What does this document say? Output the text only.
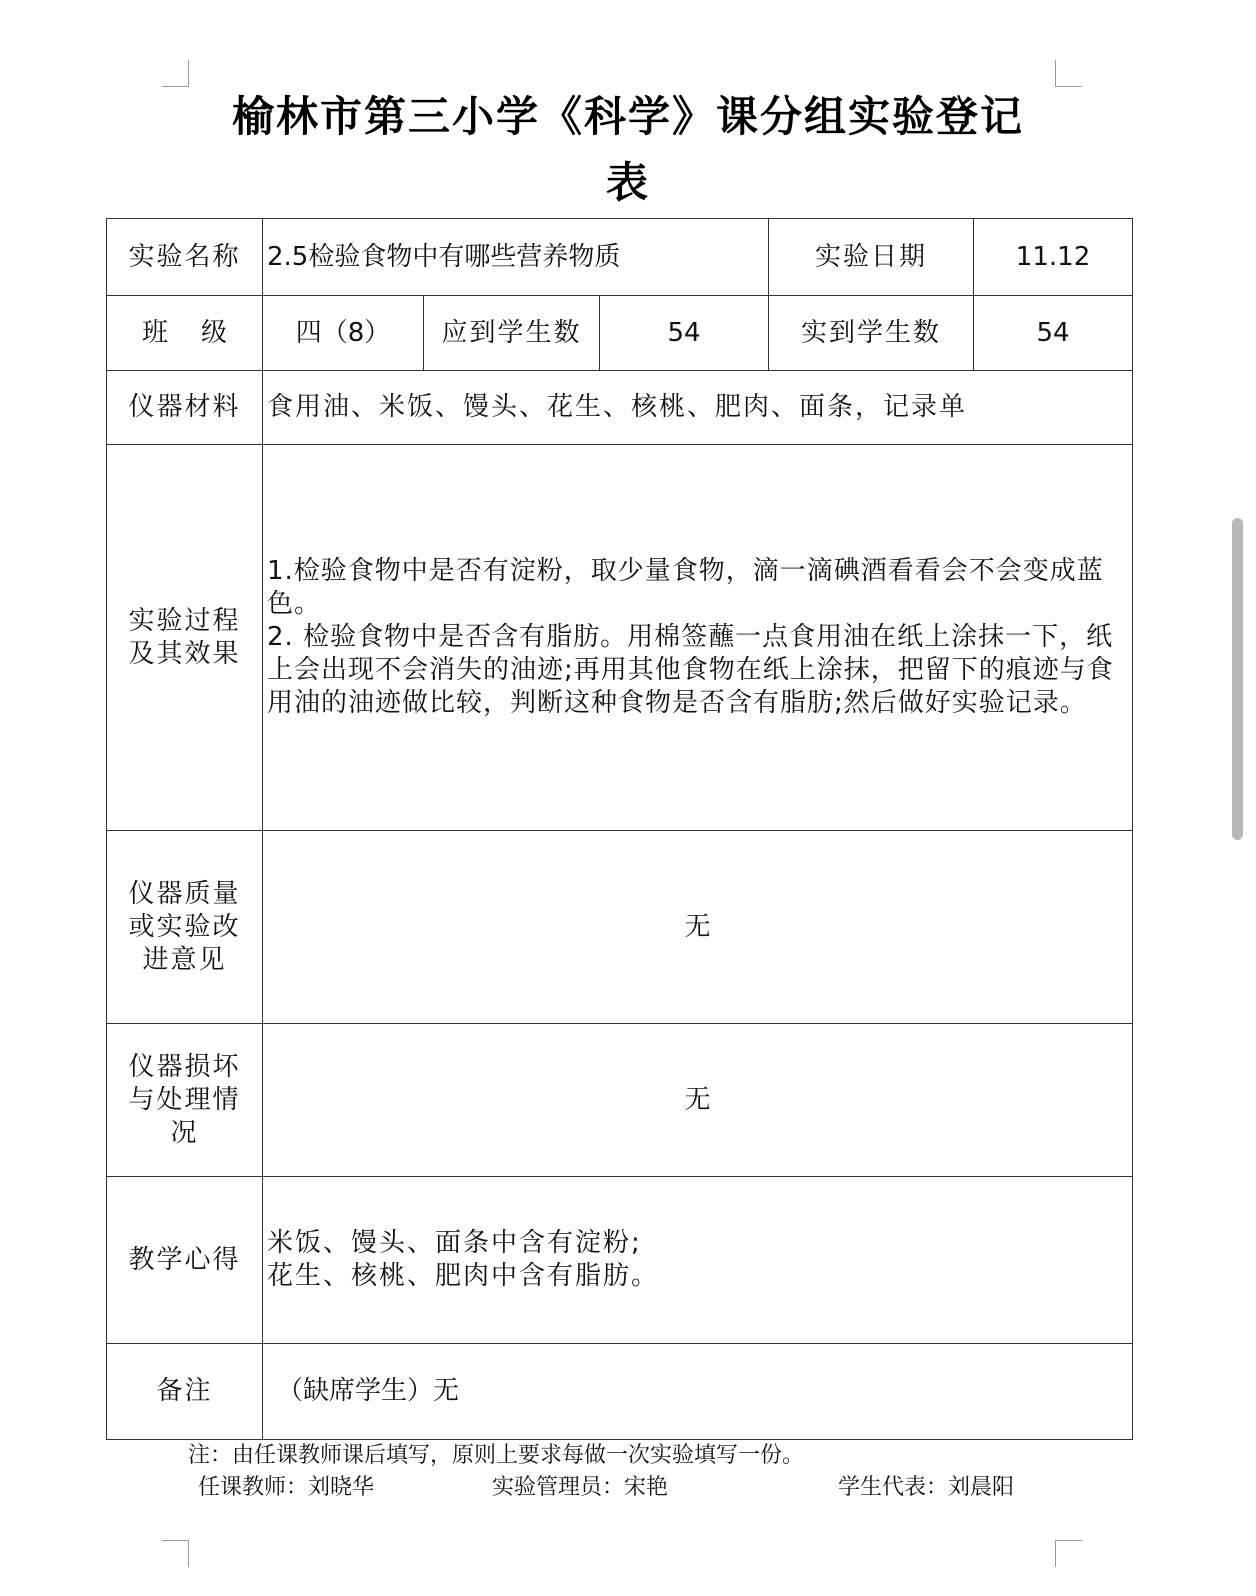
榆林市第三小学《科学》课分组实验登记
表
实验名称	2.5检验食物中有哪些营养物质			实验日期	11.12
班    级	四（8）	应到学生数	54	实到学生数	54
仪器材料	食用油、米饭、馒头、花生、核桃、肥肉、面条，记录单				
实验过程及其效果	1.检验食物中是否有淀粉，取少量食物，滴一滴碘酒看看会不会变成蓝色。
2. 检验食物中是否含有脂肪。用棉签蘸一点食用油在纸上涂抹一下，纸上会出现不会消失的油迹;再用其他食物在纸上涂抹，把留下的痕迹与食用油的油迹做比较，判断这种食物是否含有脂肪;然后做好实验记录。				

仪器质量或实验改进意见	无				
仪器损坏与处理情况	无				
教学心得	米饭、馒头、面条中含有淀粉;
花生、核桃、肥肉中含有脂肪。				

备注	（缺席学生）无				
注：由任课教师课后填写，原则上要求每做一次实验填写一份。
任课教师：刘晓华	实验管理员：宋艳	学生代表：刘晨阳
